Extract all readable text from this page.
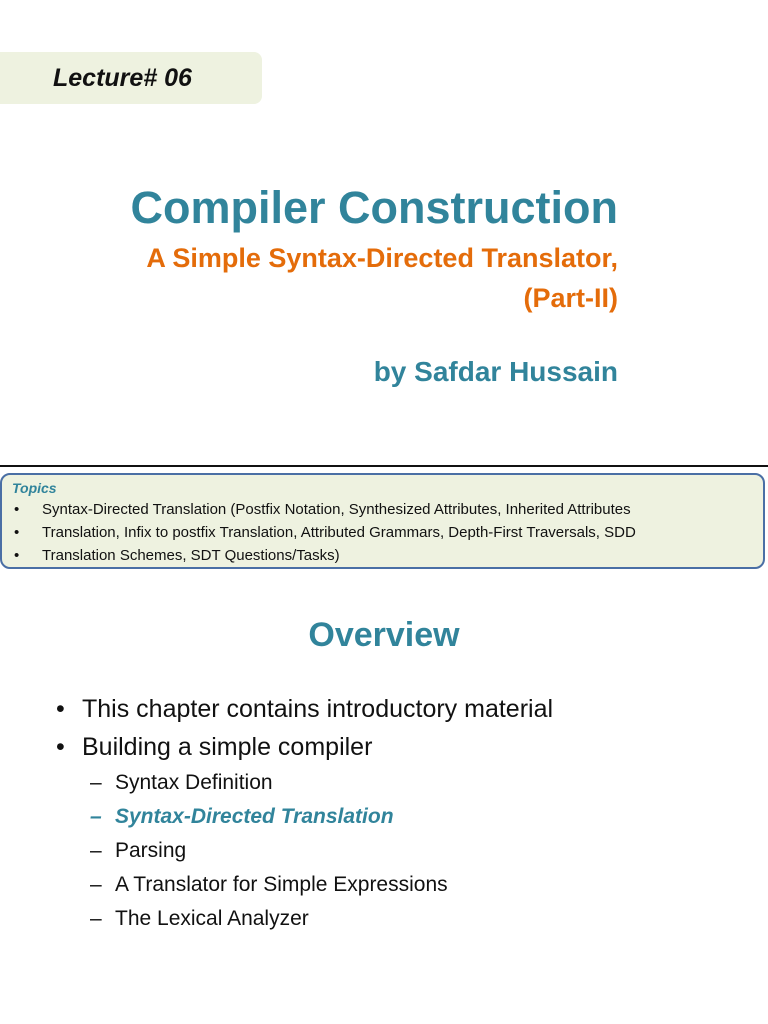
Lecture# 06
Compiler Construction
A Simple Syntax-Directed Translator,
(Part-II)
by Safdar Hussain
Topics
• Syntax-Directed Translation (Postfix Notation, Synthesized Attributes, Inherited Attributes
• Translation, Infix to postfix Translation, Attributed Grammars, Depth-First Traversals, SDD
• Translation Schemes, SDT Questions/Tasks)
Overview
• This chapter contains introductory material
• Building a simple compiler
– Syntax Definition
– Syntax-Directed Translation
– Parsing
– A Translator for Simple Expressions
– The Lexical Analyzer
